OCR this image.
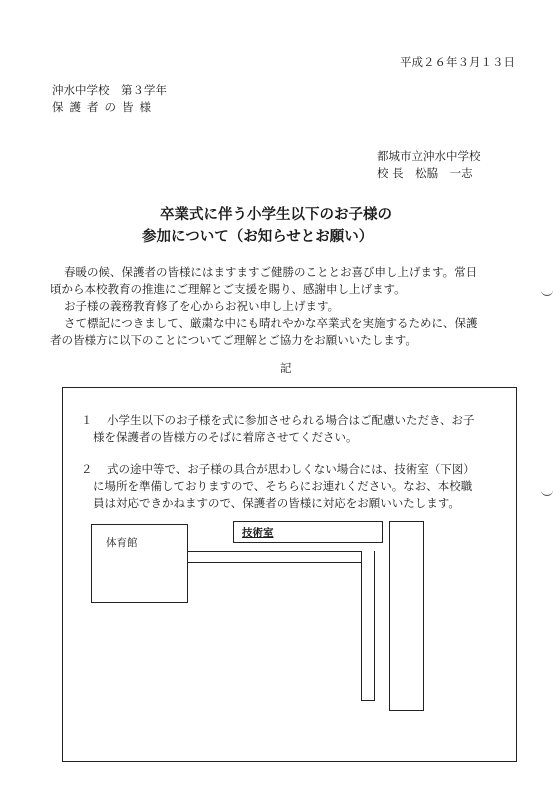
平成２６年３月１３日
沖水中学校　第３学年
保護者の皆様
都城市立沖水中学校
校 長　松脇　一志
卒業式に伴う小学生以下のお子様の
参加について（お知らせとお願い）
春暖の候、保護者の皆様にはますますご健勝のこととお喜び申し上げます。常日
頃から本校教育の推進にご理解とご支援を賜り、感謝申し上げます。
お子様の義務教育修了を心からお祝い申し上げます。
さて標記につきまして、厳粛な中にも晴れやかな卒業式を実施するために、保護
者の皆様方に以下のことについてご理解とご協力をお願いいたします。
記
１ 小学生以下のお子様を式に参加させられる場合はご配慮いただき、お子
様を保護者の皆様方のそばに着席させてください。
２ 式の途中等で、お子様の具合が思わしくない場合には、技術室（下図）
に場所を準備しておりますので、そちらにお連れください。なお、本校職
員は対応できかねますので、保護者の皆様に対応をお願いいたします。
体育館
技術室
